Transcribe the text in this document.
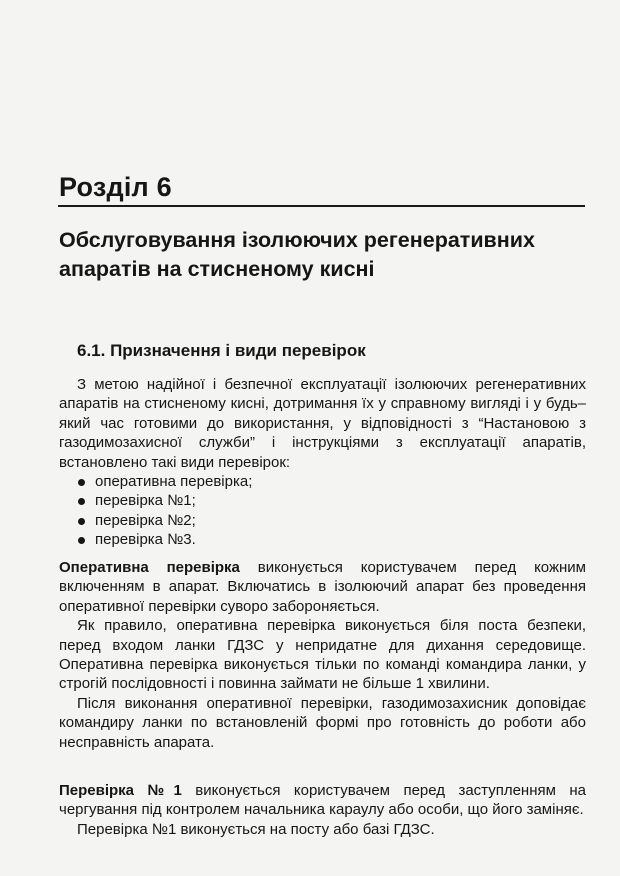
Розділ 6
Обслуговування ізолюючих регенеративних апаратів на стисненому кисні
6.1. Призначення і види перевірок

З метою надійної і безпечної експлуатації ізолюючих регенеративних апаратів на стисненому кисні, дотримання їх у справному вигляді і у будь–який час готовими до використання, у відповідності з “Настановою з газодимозахисної служби” і інструкціями з експлуатації апаратів, встановлено такі види перевірок:

оперативна перевірка;
перевірка №1;
перевірка №2;
перевірка №3.

Оперативна перевірка виконується користувачем перед кожним включенням в апарат. Включатись в ізолюючий апарат без проведення оперативної перевірки суворо забороняється.

Як правило, оперативна перевірка виконується біля поста безпеки, перед входом ланки ГДЗС у непридатне для дихання середовище. Оперативна перевірка виконується тільки по команді командира ланки, у строгій послідовності і повинна займати не більше 1 хвилини.

Після виконання оперативної перевірки, газодимозахисник доповідає командиру ланки по встановленій формі про готовність до роботи або несправність апарата.

Перевірка №1 виконується користувачем перед заступленням на чергування під контролем начальника караулу або особи, що його заміняє.

Перевірка №1 виконується на посту або базі ГДЗС.
